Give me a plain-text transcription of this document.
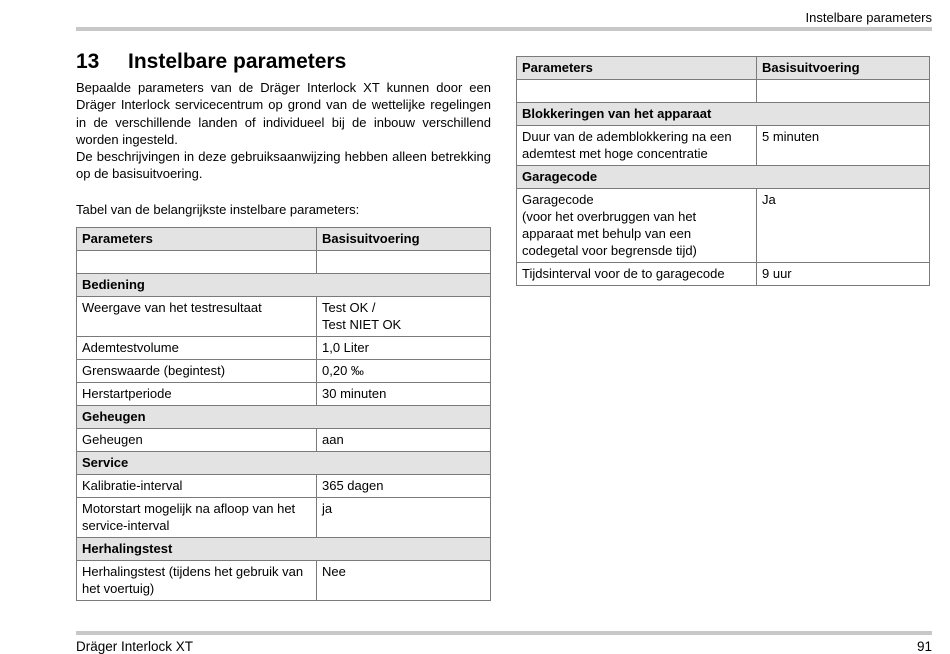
Instelbare parameters
13	Instelbare parameters

Bepaalde parameters van de Dräger Interlock XT kunnen door een Dräger Interlock servicecentrum op grond van de wettelijke regelingen in de verschillende landen of individueel bij de inbouw verschillend worden ingesteld.

De beschrijvingen in deze gebruiksaanwijzing hebben alleen betrekking op de basisuitvoering.

Tabel van de belangrijkste instelbare parameters:

Parameters	Basisuitvoering

Bediening	
Weergave van het testresultaat	Test OK /
Test NIET OK
Ademtestvolume	1,0 Liter
Grenswaarde (begintest)	0,20 ‰
Herstartperiode	30 minuten
Geheugen	
Geheugen	aan
Service	
Kalibratie-interval	365 dagen
Motorstart mogelijk na afloop van het service-interval	ja
Herhalingstest	
Herhalingstest (tijdens het gebruik van het voertuig)	Nee
Parameters	Basisuitvoering

Blokkeringen van het apparaat	
Duur van de ademblokkering na een ademtest met hoge concentratie	5 minuten
Garagecode	
Garagecode
(voor het overbruggen van het apparaat met behulp van een codegetal voor begrensde tijd)	Ja
Tijdsinterval voor de to garagecode	9 uur
Dräger Interlock XT	91
